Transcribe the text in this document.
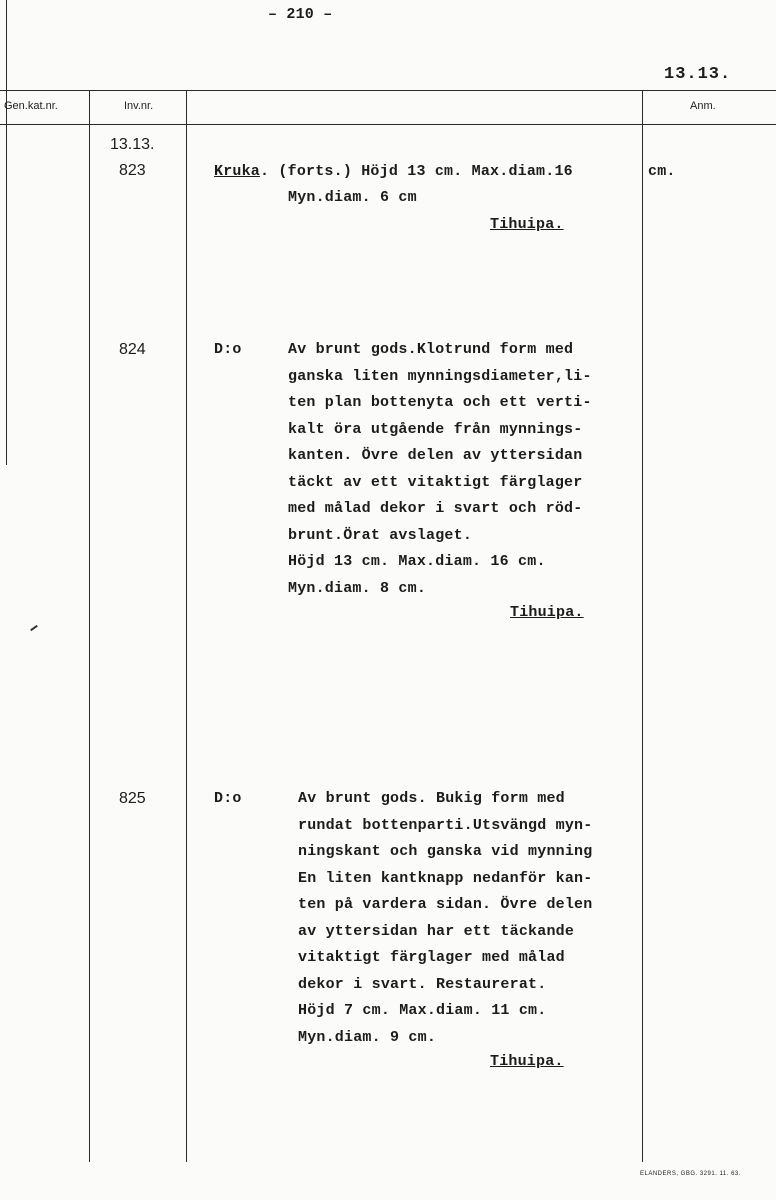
– 210 –
13.13.
Gen.kat.nr.	Inv.nr.	Anm.
13.13.
823	Kruka. (forts.) Höjd 13 cm. Max.diam.16
Myn.diam. 6 cm
cm.
Tihuipa.
824	D:o	Av brunt gods.Klotrund form med
ganska liten mynningsdiameter,li-
ten plan bottenyta och ett verti-
kalt öra utgående från mynnings-
kanten. Övre delen av yttersidan
täckt av ett vitaktigt färglager
med målad dekor i svart och röd-
brunt.Örat avslaget.
Höjd 13 cm. Max.diam. 16 cm.
Myn.diam. 8 cm.
Tihuipa.
825	D:o	Av brunt gods. Bukig form med
rundat bottenparti.Utsvängd myn-
ningskant och ganska vid mynning
En liten kantknapp nedanför kan-
ten på vardera sidan. Övre delen
av yttersidan har ett täckande
vitaktigt färglager med målad
dekor i svart. Restaurerat.
Höjd 7 cm. Max.diam. 11 cm.
Myn.diam. 9 cm.
Tihuipa.
ELANDERS, GBG. 3291. 11. 63.
